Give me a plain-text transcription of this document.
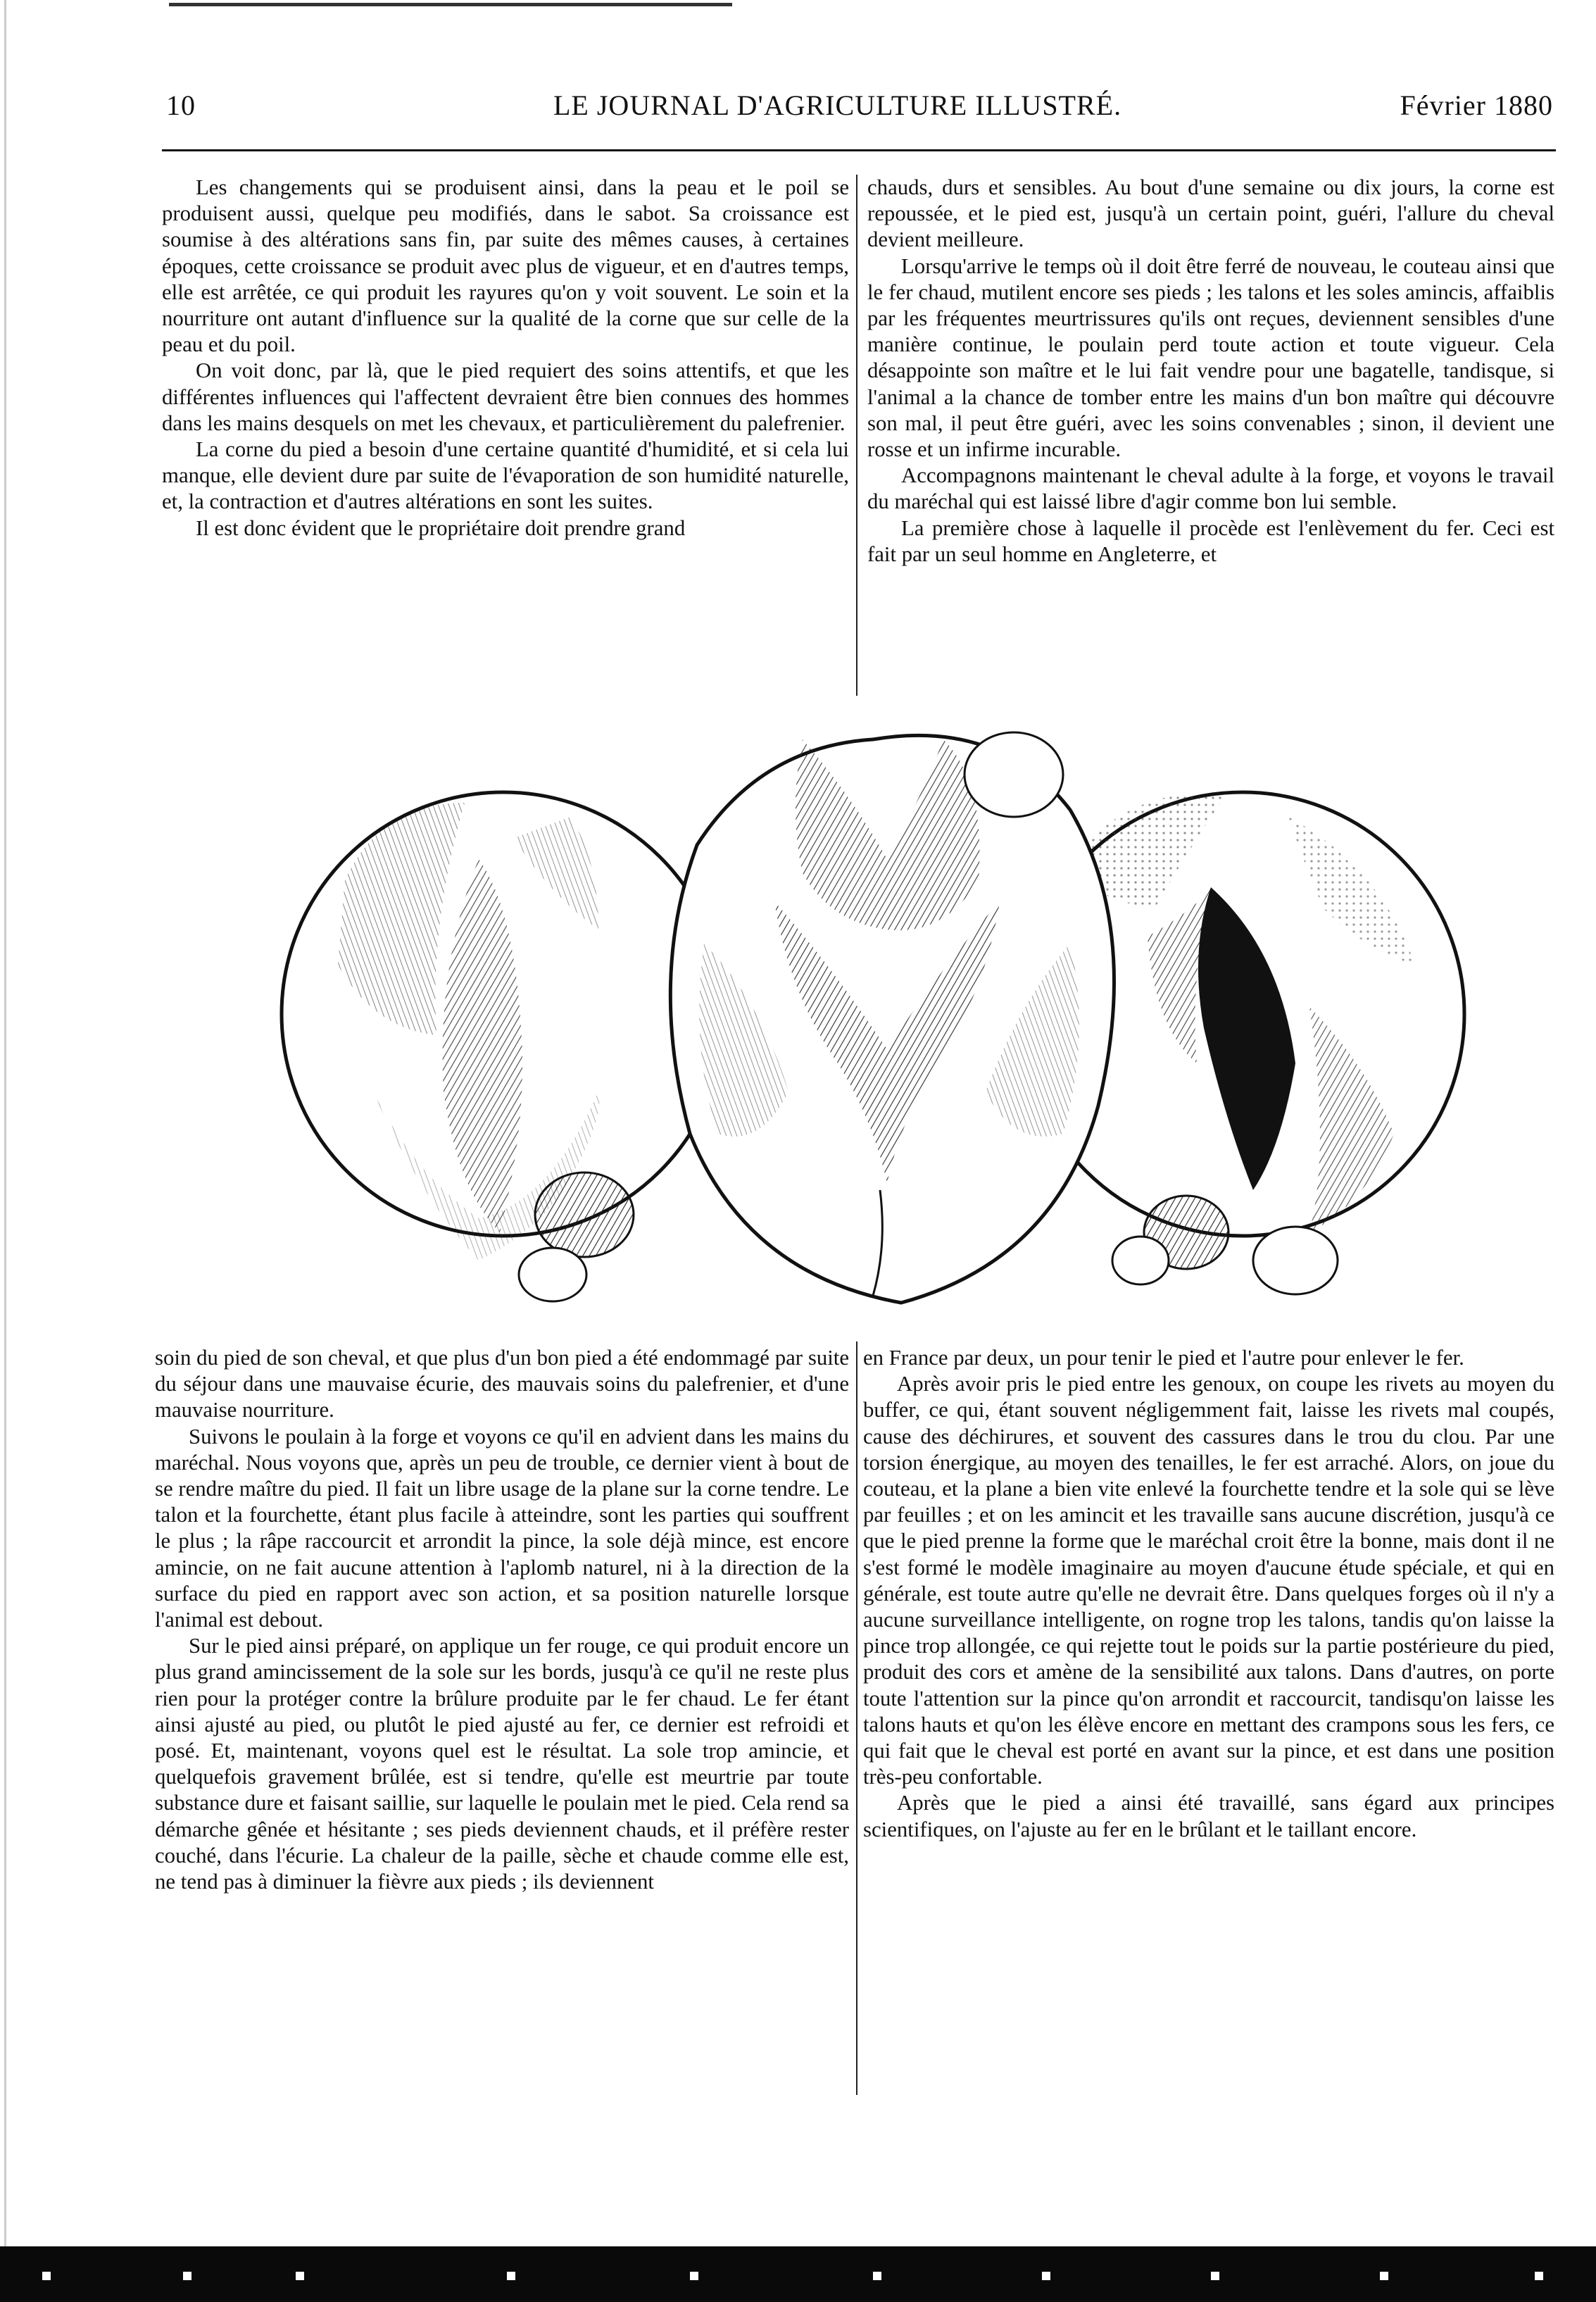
10	LE JOURNAL D'AGRICULTURE ILLUSTRÉ.	Février 1880

Les changements qui se produisent ainsi, dans la peau et le poil se produisent aussi, quelque peu modifiés, dans le sabot. Sa croissance est soumise à des altérations sans fin, par suite des mêmes causes, à certaines époques, cette croissance se produit avec plus de vigueur, et en d'autres temps, elle est arrêtée, ce qui produit les rayures qu'on y voit souvent. Le soin et la nourriture ont autant d'influence sur la qualité de la corne que sur celle de la peau et du poil.

On voit donc, par là, que le pied requiert des soins attentifs, et que les différentes influences qui l'affectent devraient être bien connues des hommes dans les mains desquels on met les chevaux, et particulièrement du palefrenier.

La corne du pied a besoin d'une certaine quantité d'humidité, et si cela lui manque, elle devient dure par suite de l'évaporation de son humidité naturelle, et, la contraction et d'autres altérations en sont les suites.

Il est donc évident que le propriétaire doit prendre grand

chauds, durs et sensibles. Au bout d'une semaine ou dix jours, la corne est repoussée, et le pied est, jusqu'à un certain point, guéri, l'allure du cheval devient meilleure.

Lorsqu'arrive le temps où il doit être ferré de nouveau, le couteau ainsi que le fer chaud, mutilent encore ses pieds ; les talons et les soles amincis, affaiblis par les fréquentes meurtrissures qu'ils ont reçues, deviennent sensibles d'une manière continue, le poulain perd toute action et toute vigueur. Cela désappointe son maître et le lui fait vendre pour une bagatelle, tandisque, si l'animal a la chance de tomber entre les mains d'un bon maître qui découvre son mal, il peut être guéri, avec les soins convenables ; sinon, il devient une rosse et un infirme incurable.

Accompagnons maintenant le cheval adulte à la forge, et voyons le travail du maréchal qui est laissé libre d'agir comme bon lui semble.

La première chose à laquelle il procède est l'enlèvement du fer. Ceci est fait par un seul homme en Angleterre, et

soin du pied de son cheval, et que plus d'un bon pied a été endommagé par suite du séjour dans une mauvaise écurie, des mauvais soins du palefrenier, et d'une mauvaise nourriture.

Suivons le poulain à la forge et voyons ce qu'il en advient dans les mains du maréchal. Nous voyons que, après un peu de trouble, ce dernier vient à bout de se rendre maître du pied. Il fait un libre usage de la plane sur la corne tendre. Le talon et la fourchette, étant plus facile à atteindre, sont les parties qui souffrent le plus ; la râpe raccourcit et arrondit la pince, la sole déjà mince, est encore amincie, on ne fait aucune attention à l'aplomb naturel, ni à la direction de la surface du pied en rapport avec son action, et sa position naturelle lorsque l'animal est debout.

Sur le pied ainsi préparé, on applique un fer rouge, ce qui produit encore un plus grand amincissement de la sole sur les bords, jusqu'à ce qu'il ne reste plus rien pour la protéger contre la brûlure produite par le fer chaud. Le fer étant ainsi ajusté au pied, ou plutôt le pied ajusté au fer, ce dernier est refroidi et posé. Et, maintenant, voyons quel est le résultat. La sole trop amincie, et quelquefois gravement brûlée, est si tendre, qu'elle est meurtrie par toute substance dure et faisant saillie, sur laquelle le poulain met le pied. Cela rend sa démarche gênée et hésitante ; ses pieds deviennent chauds, et il préfère rester couché, dans l'écurie. La chaleur de la paille, sèche et chaude comme elle est, ne tend pas à diminuer la fièvre aux pieds ; ils deviennent

en France par deux, un pour tenir le pied et l'autre pour enlever le fer.

Après avoir pris le pied entre les genoux, on coupe les rivets au moyen du buffer, ce qui, étant souvent négligemment fait, laisse les rivets mal coupés, cause des déchirures, et souvent des cassures dans le trou du clou. Par une torsion énergique, au moyen des tenailles, le fer est arraché. Alors, on joue du couteau, et la plane a bien vite enlevé la fourchette tendre et la sole qui se lève par feuilles ; et on les amincit et les travaille sans aucune discrétion, jusqu'à ce que le pied prenne la forme que le maréchal croit être la bonne, mais dont il ne s'est formé le modèle imaginaire au moyen d'aucune étude spéciale, et qui en générale, est toute autre qu'elle ne devrait être. Dans quelques forges où il n'y a aucune surveillance intelligente, on rogne trop les talons, tandis qu'on laisse la pince trop allongée, ce qui rejette tout le poids sur la partie postérieure du pied, produit des cors et amène de la sensibilité aux talons. Dans d'autres, on porte toute l'attention sur la pince qu'on arrondit et raccourcit, tandisqu'on laisse les talons hauts et qu'on les élève encore en mettant des crampons sous les fers, ce qui fait que le cheval est porté en avant sur la pince, et est dans une position très-peu confortable.

Après que le pied a ainsi été travaillé, sans égard aux principes scientifiques, on l'ajuste au fer en le brûlant et le taillant encore.
